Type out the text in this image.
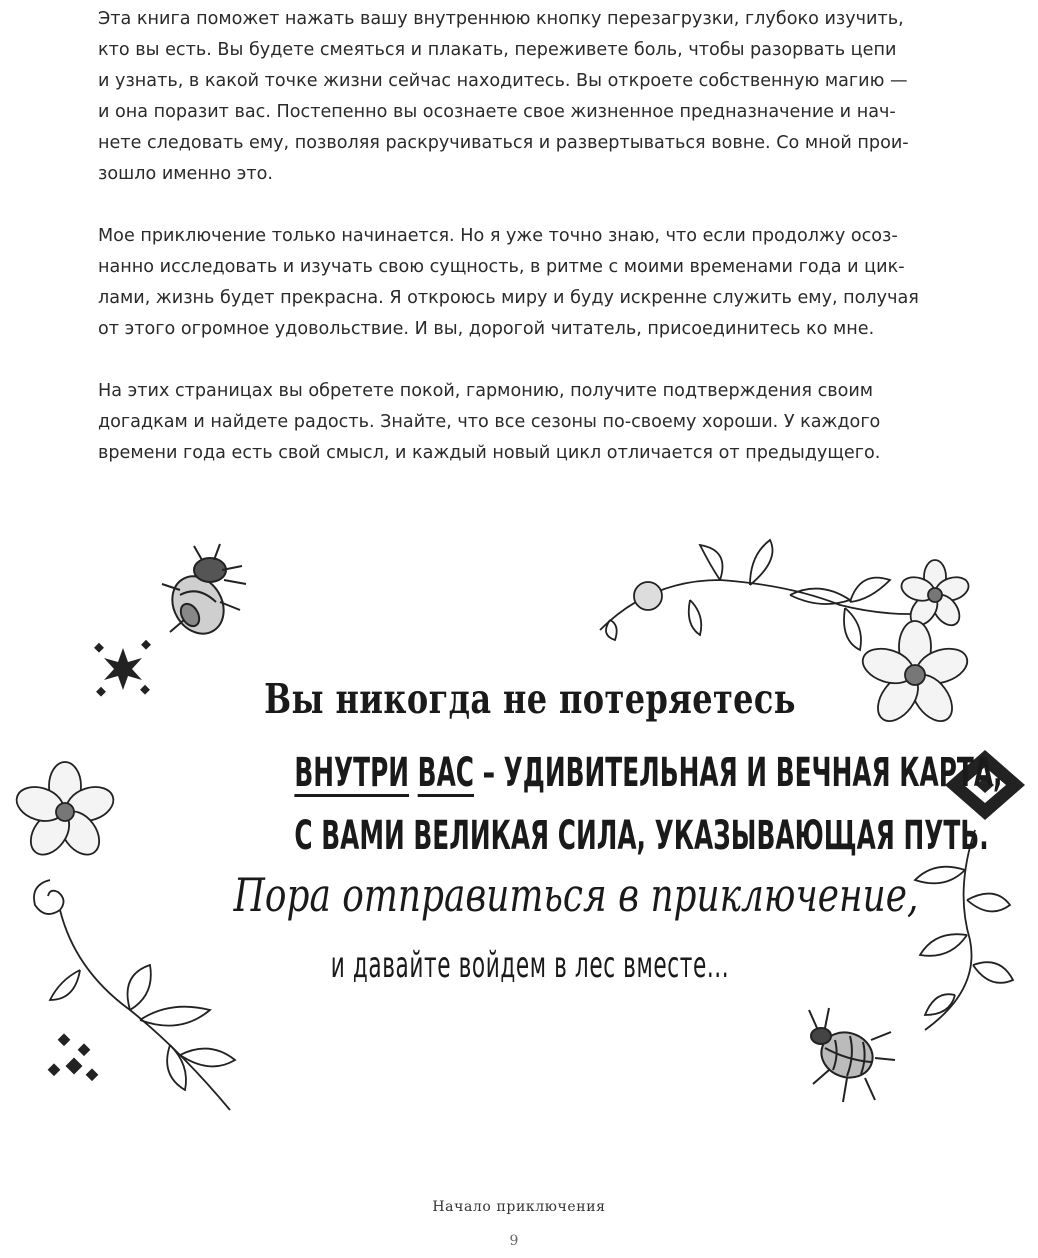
Эта книга поможет нажать вашу внутреннюю кнопку перезагрузки, глубоко изучить,
кто вы есть. Вы будете смеяться и плакать, переживете боль, чтобы разорвать цепи
и узнать, в какой точке жизни сейчас находитесь. Вы откроете собственную магию —
и она поразит вас. Постепенно вы осознаете свое жизненное предназначение и нач-
нете следовать ему, позволяя раскручиваться и развертываться вовне. Со мной прои-
зошло именно это.

Мое приключение только начинается. Но я уже точно знаю, что если продолжу осоз-
нанно исследовать и изучать свою сущность, в ритме с моими временами года и цик-
лами, жизнь будет прекрасна. Я откроюсь миру и буду искренне служить ему, получая
от этого огромное удовольствие. И вы, дорогой читатель, присоединитесь ко мне.

На этих страницах вы обретете покой, гармонию, получите подтверждения своим
догадкам и найдете радость. Знайте, что все сезоны по-своему хороши. У каждого
времени года есть свой смысл, и каждый новый цикл отличается от предыдущего.

Вы никогда не потеряетесь
ВНУТРИ ВАС – УДИВИТЕЛЬНАЯ И ВЕЧНАЯ КАРТА,
С ВАМИ ВЕЛИКАЯ СИЛА, УКАЗЫВАЮЩАЯ ПУТЬ.
Пора отправиться в приключение,
и давайте войдем в лес вместе...
Начало приключения
9
